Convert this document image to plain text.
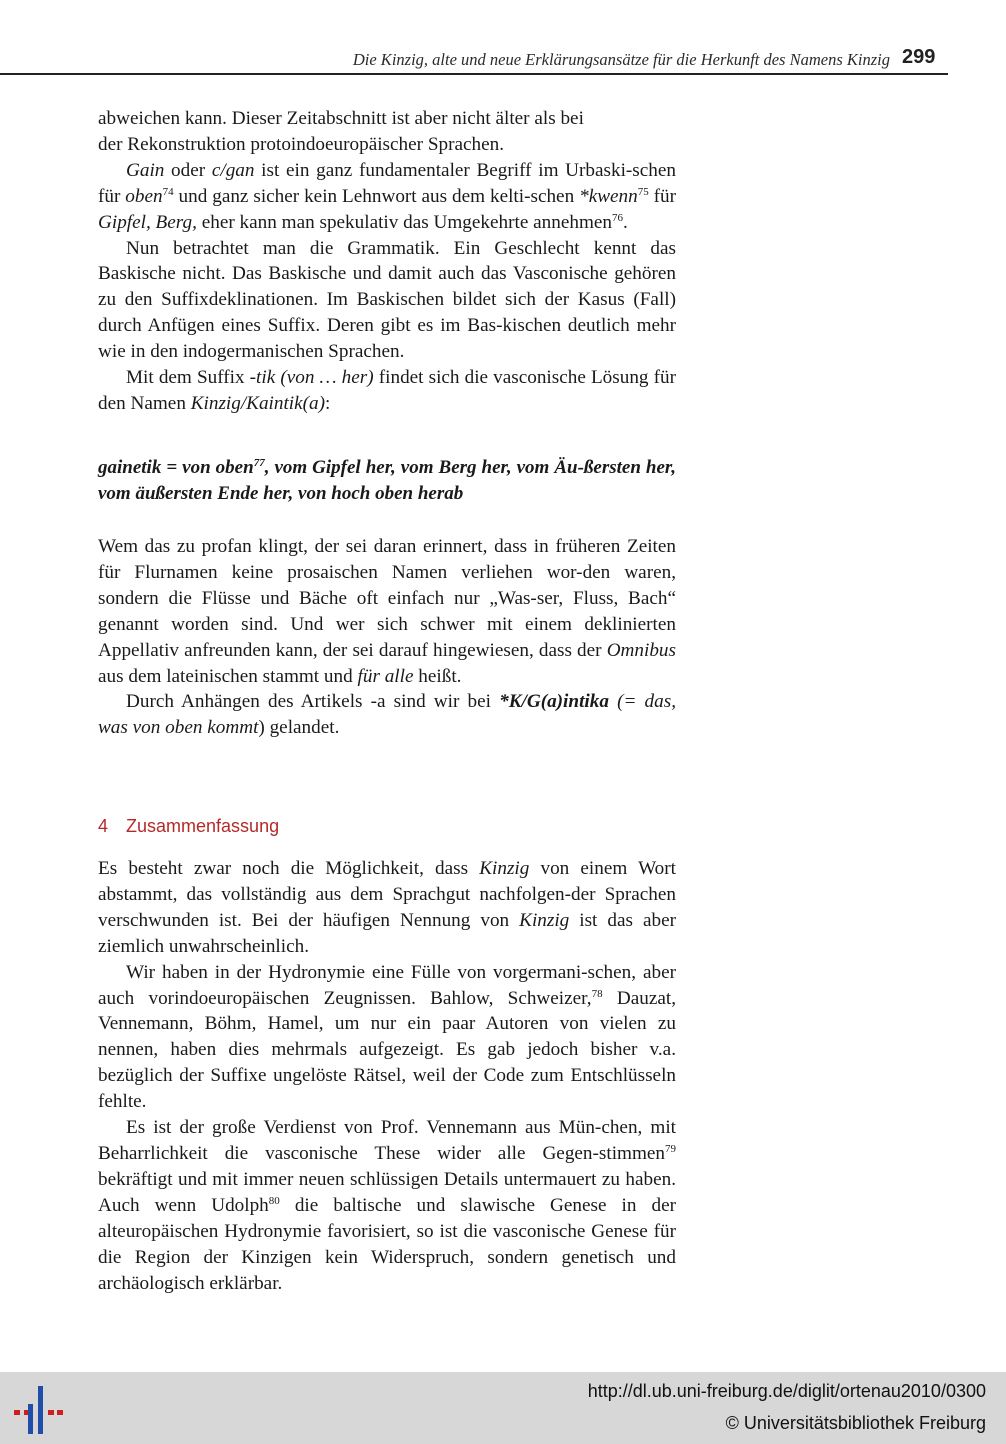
Die Kinzig, alte und neue Erklärungsansätze für die Herkunft des Namens Kinzig 299

abweichen kann. Dieser Zeitabschnitt ist aber nicht älter als bei
der Rekonstruktion protoindoeuropäischer Sprachen.

Gain oder c/gan ist ein ganz fundamentaler Begriff im Urbaski-schen für oben$^{74}$ und ganz sicher kein Lehnwort aus dem kelti-schen *kwenn$^{75}$ für Gipfel, Berg, eher kann man spekulativ das Umgekehrte annehmen$^{76}$.

Nun betrachtet man die Grammatik. Ein Geschlecht kennt das Baskische nicht. Das Baskische und damit auch das Vasconische gehören zu den Suffixdeklinationen. Im Baskischen bildet sich der Kasus (Fall) durch Anfügen eines Suffix. Deren gibt es im Bas-kischen deutlich mehr wie in den indogermanischen Sprachen.

Mit dem Suffix -tik (von … her) findet sich die vasconische Lösung für den Namen Kinzig/Kaintik(a):

gainetik = von oben$^{77}$, vom Gipfel her, vom Berg her, vom Äu-ßersten her, vom äußersten Ende her, von hoch oben herab

Wem das zu profan klingt, der sei daran erinnert, dass in früheren Zeiten für Flurnamen keine prosaischen Namen verliehen wor-den waren, sondern die Flüsse und Bäche oft einfach nur „Was-ser, Fluss, Bach“ genannt worden sind. Und wer sich schwer mit einem deklinierten Appellativ anfreunden kann, der sei darauf hingewiesen, dass der Omnibus aus dem lateinischen stammt und für alle heißt.

Durch Anhängen des Artikels -a sind wir bei *K/G(a)intika (= das, was von oben kommt) gelandet.

4 Zusammenfassung

Es besteht zwar noch die Möglichkeit, dass Kinzig von einem Wort abstammt, das vollständig aus dem Sprachgut nachfolgen-der Sprachen verschwunden ist. Bei der häufigen Nennung von Kinzig ist das aber ziemlich unwahrscheinlich.

Wir haben in der Hydronymie eine Fülle von vorgermani-schen, aber auch vorindoeuropäischen Zeugnissen. Bahlow, Schweizer,$^{78}$ Dauzat, Vennemann, Böhm, Hamel, um nur ein paar Autoren von vielen zu nennen, haben dies mehrmals aufgezeigt. Es gab jedoch bisher v.a. bezüglich der Suffixe ungelöste Rätsel, weil der Code zum Entschlüsseln fehlte.

Es ist der große Verdienst von Prof. Vennemann aus Mün-chen, mit Beharrlichkeit die vasconische These wider alle Gegen-stimmen$^{79}$ bekräftigt und mit immer neuen schlüssigen Details untermauert zu haben. Auch wenn Udolph$^{80}$ die baltische und slawische Genese in der alteuropäischen Hydronymie favorisiert, so ist die vasconische Genese für die Region der Kinzigen kein Widerspruch, sondern genetisch und archäologisch erklärbar.

http://dl.ub.uni-freiburg.de/diglit/ortenau2010/0300
© Universitätsbibliothek Freiburg
